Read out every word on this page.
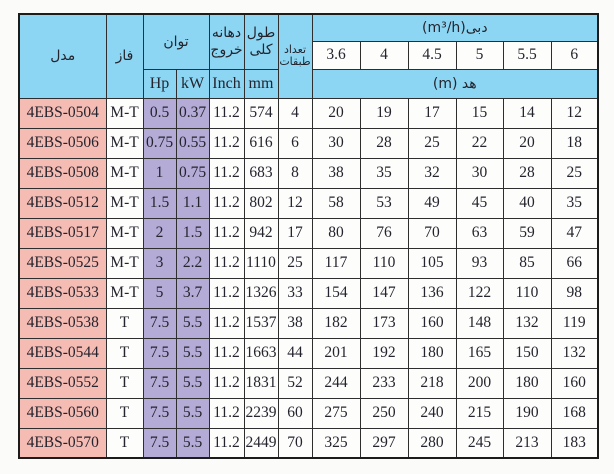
مدل	فاز	توان		دهانه
خروج	طول
کلی	تعداد
طبقات	دبی(m³/h)					
							3.6	4	4.5	5	5.5	6
		Hp	kW	Inch	mm		هد (m)					
4EBS-0504	M-T	0.5	0.37	11.2	574	4	20	19	17	15	14	12
4EBS-0506	M-T	0.75	0.55	11.2	616	6	30	28	25	22	20	18
4EBS-0508	M-T	1	0.75	11.2	683	8	38	35	32	30	28	25
4EBS-0512	M-T	1.5	1.1	11.2	802	12	58	53	49	45	40	35
4EBS-0517	M-T	2	1.5	11.2	942	17	80	76	70	63	59	47
4EBS-0525	M-T	3	2.2	11.2	1110	25	117	110	105	93	85	66
4EBS-0533	M-T	5	3.7	11.2	1326	33	154	147	136	122	110	98
4EBS-0538	T	7.5	5.5	11.2	1537	38	182	173	160	148	132	119
4EBS-0544	T	7.5	5.5	11.2	1663	44	201	192	180	165	150	132
4EBS-0552	T	7.5	5.5	11.2	1831	52	244	233	218	200	180	160
4EBS-0560	T	7.5	5.5	11.2	2239	60	275	250	240	215	190	168
4EBS-0570	T	7.5	5.5	11.2	2449	70	325	297	280	245	213	183
